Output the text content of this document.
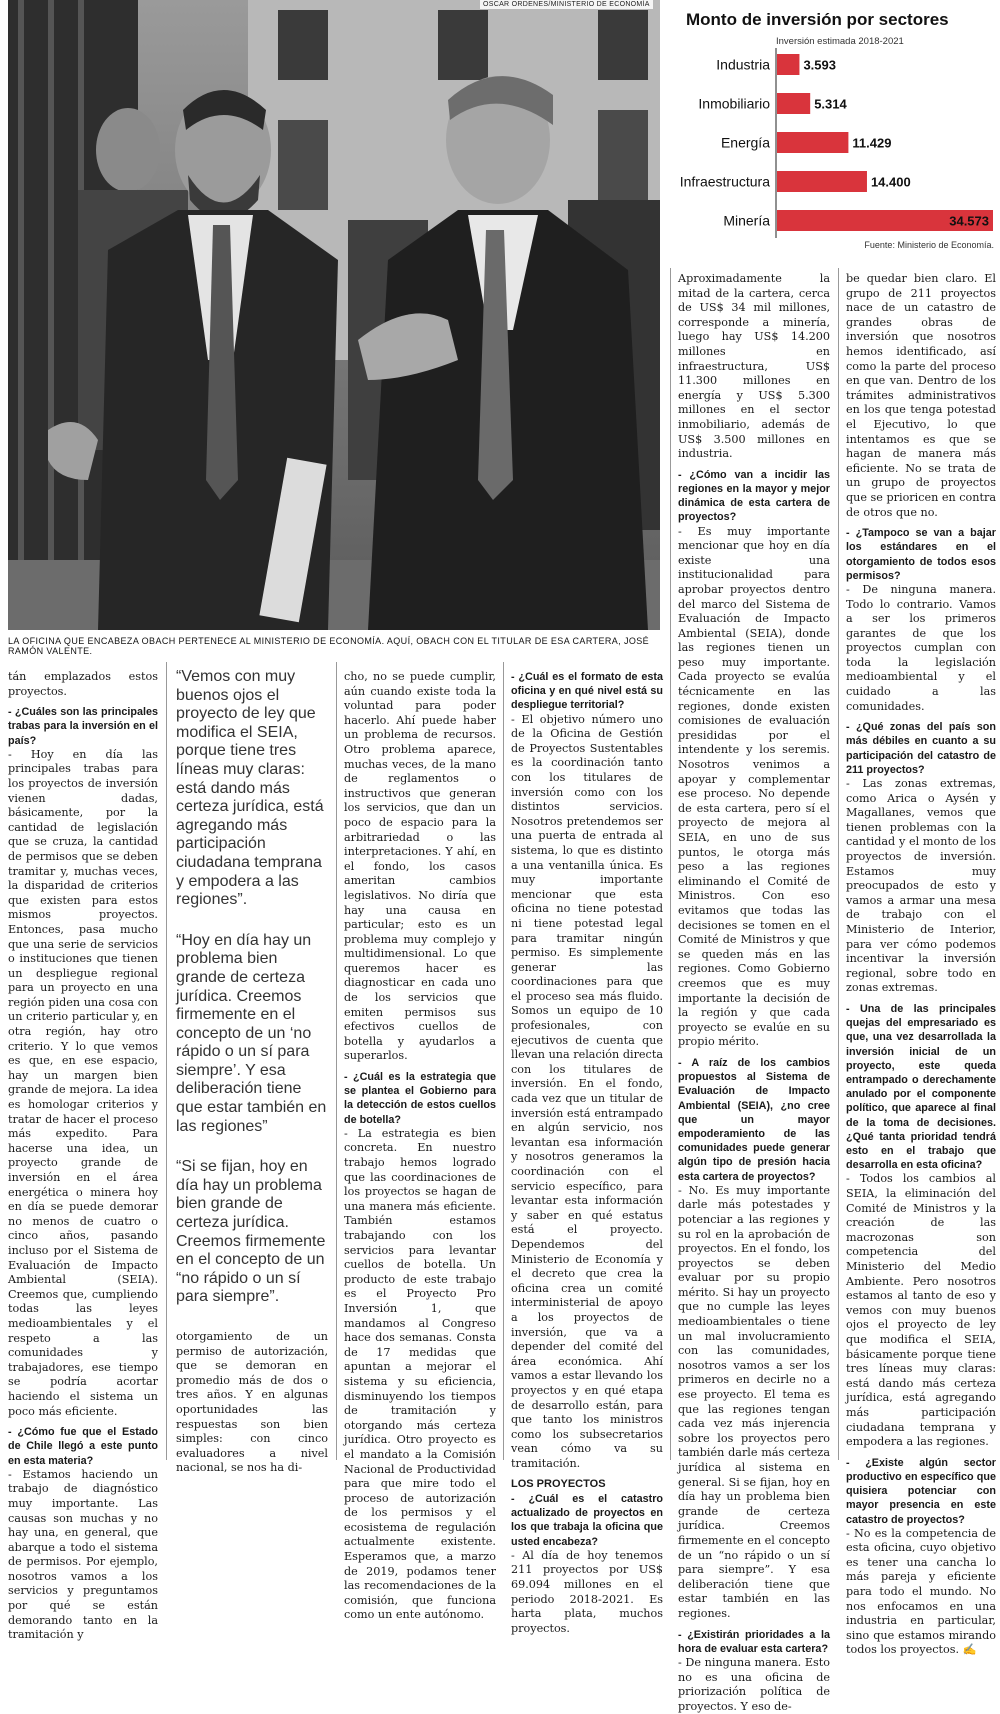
OSCAR ORDENES/MINISTERIO DE ECONOMÍA
LA OFICINA QUE ENCABEZA OBACH PERTENECE AL MINISTERIO DE ECONOMÍA. AQUÍ, OBACH CON EL TITULAR DE ESA CARTERA, JOSÉ RAMÓN VALENTE.
Monto de inversión por sectores
Inversión estimada 2018-2021
Industria	3.593
Inmobiliario	5.314
Energía	11.429
Infraestructura	14.400
Minería	34.573
Fuente: Ministerio de Economía.

tán emplazados estos proyectos.

- ¿Cuáles son las principales trabas para la inversión en el país?

- Hoy en día las principales trabas para los proyectos de inversión vienen dadas, básicamente, por la cantidad de legislación que se cruza, la cantidad de permisos que se deben tramitar y, muchas veces, la disparidad de criterios que existen para estos mismos proyectos. Entonces, pasa mucho que una serie de servicios o instituciones que tienen un despliegue regional para un proyecto en una región piden una cosa con un criterio particular y, en otra región, hay otro criterio. Y lo que vemos es que, en ese espacio, hay un margen bien grande de mejora. La idea es homologar criterios y tratar de hacer el proceso más expedito. Para hacerse una idea, un proyecto grande de inversión en el área energética o minera hoy en día se puede demorar no menos de cuatro o cinco años, pasando incluso por el Sistema de Evaluación de Impacto Ambiental (SEIA). Creemos que, cumpliendo todas las leyes medioambientales y el respeto a las comunidades y trabajadores, ese tiempo se podría acortar haciendo el sistema un poco más eficiente.

- ¿Cómo fue que el Estado de Chile llegó a este punto en esta materia?

- Estamos haciendo un trabajo de diagnóstico muy importante. Las causas son muchas y no hay una, en general, que abarque a todo el sistema de permisos. Por ejemplo, nosotros vamos a los servicios y preguntamos por qué se están demorando tanto en la tramitación y

“Vemos con muy buenos ojos el proyecto de ley que modifica el SEIA, porque tiene tres líneas muy claras: está dando más certeza jurídica, está agregando más participación ciudadana temprana y empodera a las regiones”.

“Hoy en día hay un problema bien grande de certeza jurídica. Creemos firmemente en el concepto de un ‘no rápido o un sí para siempre’. Y esa deliberación tiene que estar también en las regiones”

“Si se fijan, hoy en día hay un problema bien grande de certeza jurídica. Creemos firmemente en el concepto de un “no rápido o un sí para siempre”.

otorgamiento de un permiso de autorización, que se demoran en promedio más de dos o tres años. Y en algunas oportunidades las respuestas son bien simples: con cinco evaluadores a nivel nacional, se nos ha di-

cho, no se puede cumplir, aún cuando existe toda la voluntad para poder hacerlo. Ahí puede haber un problema de recursos. Otro problema aparece, muchas veces, de la mano de reglamentos o instructivos que generan los servicios, que dan un poco de espacio para la arbitrariedad o las interpretaciones. Y ahí, en el fondo, los casos ameritan cambios legislativos. No diría que hay una causa en particular; esto es un problema muy complejo y multidimensional. Lo que queremos hacer es diagnosticar en cada uno de los servicios que emiten permisos sus efectivos cuellos de botella y ayudarlos a superarlos.

- ¿Cuál es la estrategia que se plantea el Gobierno para la detección de estos cuellos de botella?

- La estrategia es bien concreta. En nuestro trabajo hemos logrado que las coordinaciones de los proyectos se hagan de una manera más eficiente. También estamos trabajando con los servicios para levantar cuellos de botella. Un producto de este trabajo es el Proyecto Pro Inversión 1, que mandamos al Congreso hace dos semanas. Consta de 17 medidas que apuntan a mejorar el sistema y su eficiencia, disminuyendo los tiempos de tramitación y otorgando más certeza jurídica. Otro proyecto es el mandato a la Comisión Nacional de Productividad para que mire todo el proceso de autorización de los permisos y el ecosistema de regulación actualmente existente. Esperamos que, a marzo de 2019, podamos tener las recomendaciones de la comisión, que funciona como un ente autónomo.

- ¿Cuál es el formato de esta oficina y en qué nivel está su despliegue territorial?

- El objetivo número uno de la Oficina de Gestión de Proyectos Sustentables es la coordinación tanto con los titulares de inversión como con los distintos servicios. Nosotros pretendemos ser una puerta de entrada al sistema, lo que es distinto a una ventanilla única. Es muy importante mencionar que esta oficina no tiene potestad ni tiene potestad legal para tramitar ningún permiso. Es simplemente generar las coordinaciones para que el proceso sea más fluido. Somos un equipo de 10 profesionales, con ejecutivos de cuenta que llevan una relación directa con los titulares de inversión. En el fondo, cada vez que un titular de inversión está entrampado en algún servicio, nos levantan esa información y nosotros generamos la coordinación con el servicio específico, para levantar esta información y saber en qué estatus está el proyecto. Dependemos del Ministerio de Economía y el decreto que crea la oficina crea un comité interministerial de apoyo a los proyectos de inversión, que va a depender del comité del área económica. Ahí vamos a estar llevando los proyectos y en qué etapa de desarrollo están, para que tanto los ministros como los subsecretarios vean cómo va su tramitación.

LOS PROYECTOS

- ¿Cuál es el catastro actualizado de proyectos en los que trabaja la oficina que usted encabeza?

- Al día de hoy tenemos 211 proyectos por US$ 69.094 millones en el periodo 2018-2021. Es harta plata, muchos proyectos.

Aproximadamente la mitad de la cartera, cerca de US$ 34 mil millones, corresponde a minería, luego hay US$ 14.200 millones en infraestructura, US$ 11.300 millones en energía y US$ 5.300 millones en el sector inmobiliario, además de US$ 3.500 millones en industria.

- ¿Cómo van a incidir las regiones en la mayor y mejor dinámica de esta cartera de proyectos?

- Es muy importante mencionar que hoy en día existe una institucionalidad para aprobar proyectos dentro del marco del Sistema de Evaluación de Impacto Ambiental (SEIA), donde las regiones tienen un peso muy importante. Cada proyecto se evalúa técnicamente en las regiones, donde existen comisiones de evaluación presididas por el intendente y los seremis. Nosotros venimos a apoyar y complementar ese proceso. No depende de esta cartera, pero sí el proyecto de mejora al SEIA, en uno de sus puntos, le otorga más peso a las regiones eliminando el Comité de Ministros. Con eso evitamos que todas las decisiones se tomen en el Comité de Ministros y que se queden más en las regiones. Como Gobierno creemos que es muy importante la decisión de la región y que cada proyecto se evalúe en su propio mérito.

- A raíz de los cambios propuestos al Sistema de Evaluación de Impacto Ambiental (SEIA), ¿no cree que un mayor empoderamiento de las comunidades puede generar algún tipo de presión hacia esta cartera de proyectos?

- No. Es muy importante darle más potestades y potenciar a las regiones y su rol en la aprobación de proyectos. En el fondo, los proyectos se deben evaluar por su propio mérito. Si hay un proyecto que no cumple las leyes medioambientales o tiene un mal involucramiento con las comunidades, nosotros vamos a ser los primeros en decirle no a ese proyecto. El tema es que las regiones tengan cada vez más injerencia sobre los proyectos pero también darle más certeza jurídica al sistema en general. Si se fijan, hoy en día hay un problema bien grande de certeza jurídica. Creemos firmemente en el concepto de un “no rápido o un sí para siempre”. Y esa deliberación tiene que estar también en las regiones.

- ¿Existirán prioridades a la hora de evaluar esta cartera?

- De ninguna manera. Esto no es una oficina de priorización política de proyectos. Y eso de-

be quedar bien claro. El grupo de 211 proyectos nace de un catastro de grandes obras de inversión que nosotros hemos identificado, así como la parte del proceso en que van. Dentro de los trámites administrativos en los que tenga potestad el Ejecutivo, lo que intentamos es que se hagan de manera más eficiente. No se trata de un grupo de proyectos que se prioricen en contra de otros que no.

- ¿Tampoco se van a bajar los estándares en el otorgamiento de todos esos permisos?

- De ninguna manera. Todo lo contrario. Vamos a ser los primeros garantes de que los proyectos cumplan con toda la legislación medioambiental y el cuidado a las comunidades.

- ¿Qué zonas del país son más débiles en cuanto a su participación del catastro de 211 proyectos?

- Las zonas extremas, como Arica o Aysén y Magallanes, vemos que tienen problemas con la cantidad y el monto de los proyectos de inversión. Estamos muy preocupados de esto y vamos a armar una mesa de trabajo con el Ministerio de Interior, para ver cómo podemos incentivar la inversión regional, sobre todo en zonas extremas.

- Una de las principales quejas del empresariado es que, una vez desarrollada la inversión inicial de un proyecto, este queda entrampado o derechamente anulado por el componente político, que aparece al final de la toma de decisiones. ¿Qué tanta prioridad tendrá esto en el trabajo que desarrolla en esta oficina?

- Todos los cambios al SEIA, la eliminación del Comité de Ministros y la creación de las macrozonas son competencia del Ministerio del Medio Ambiente. Pero nosotros estamos al tanto de eso y vemos con muy buenos ojos el proyecto de ley que modifica el SEIA, básicamente porque tiene tres líneas muy claras: está dando más certeza jurídica, está agregando más participación ciudadana temprana y empodera a las regiones.

- ¿Existe algún sector productivo en específico que quisiera potenciar con mayor presencia en este catastro de proyectos?

- No es la competencia de esta oficina, cuyo objetivo es tener una cancha lo más pareja y eficiente para todo el mundo. No nos enfocamos en una industria en particular, sino que estamos mirando todos los proyectos. ✍
